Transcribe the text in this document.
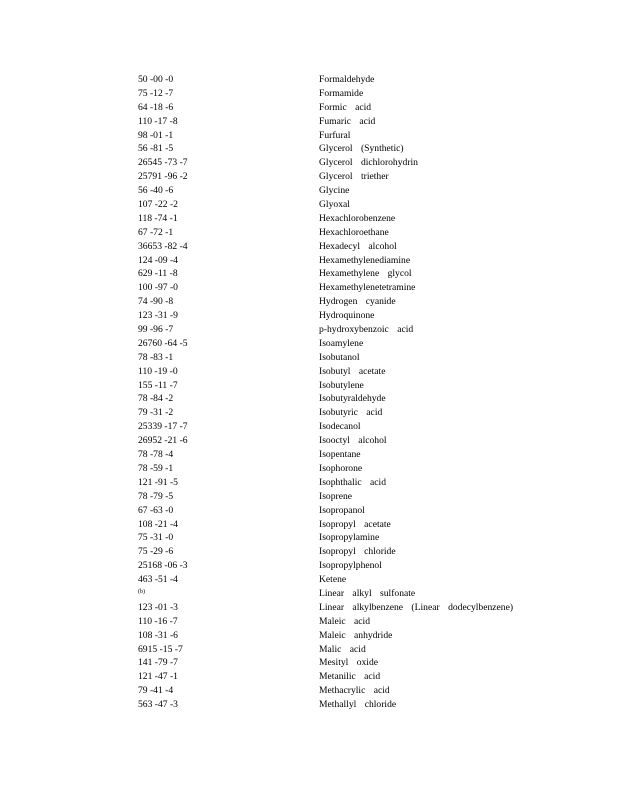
50 -00 -0	Formaldehyde
75 -12 -7	Formamide
64 -18 -6	Formic acid
110 -17 -8	Fumaric acid
98 -01 -1	Furfural
56 -81 -5	Glycerol (Synthetic)
26545 -73 -7	Glycerol dichlorohydrin
25791 -96 -2	Glycerol triether
56 -40 -6	Glycine
107 -22 -2	Glyoxal
118 -74 -1	Hexachlorobenzene
67 -72 -1	Hexachloroethane
36653 -82 -4	Hexadecyl alcohol
124 -09 -4	Hexamethylenediamine
629 -11 -8	Hexamethylene glycol
100 -97 -0	Hexamethylenetetramine
74 -90 -8	Hydrogen cyanide
123 -31 -9	Hydroquinone
99 -96 -7	p-hydroxybenzoic acid
26760 -64 -5	Isoamylene
78 -83 -1	Isobutanol
110 -19 -0	Isobutyl acetate
155 -11 -7	Isobutylene
78 -84 -2	Isobutyraldehyde
79 -31 -2	Isobutyric acid
25339 -17 -7	Isodecanol
26952 -21 -6	Isooctyl alcohol
78 -78 -4	Isopentane
78 -59 -1	Isophorone
121 -91 -5	Isophthalic acid
78 -79 -5	Isoprene
67 -63 -0	Isopropanol
108 -21 -4	Isopropyl acetate
75 -31 -0	Isopropylamine
75 -29 -6	Isopropyl chloride
25168 -06 -3	Isopropylphenol
463 -51 -4	Ketene
(b)	Linear alkyl sulfonate
123 -01 -3	Linear alkylbenzene (Linear dodecylbenzene)
110 -16 -7	Maleic acid
108 -31 -6	Maleic anhydride
6915 -15 -7	Malic acid
141 -79 -7	Mesityl oxide
121 -47 -1	Metanilic acid
79 -41 -4	Methacrylic acid
563 -47 -3	Methallyl chloride
